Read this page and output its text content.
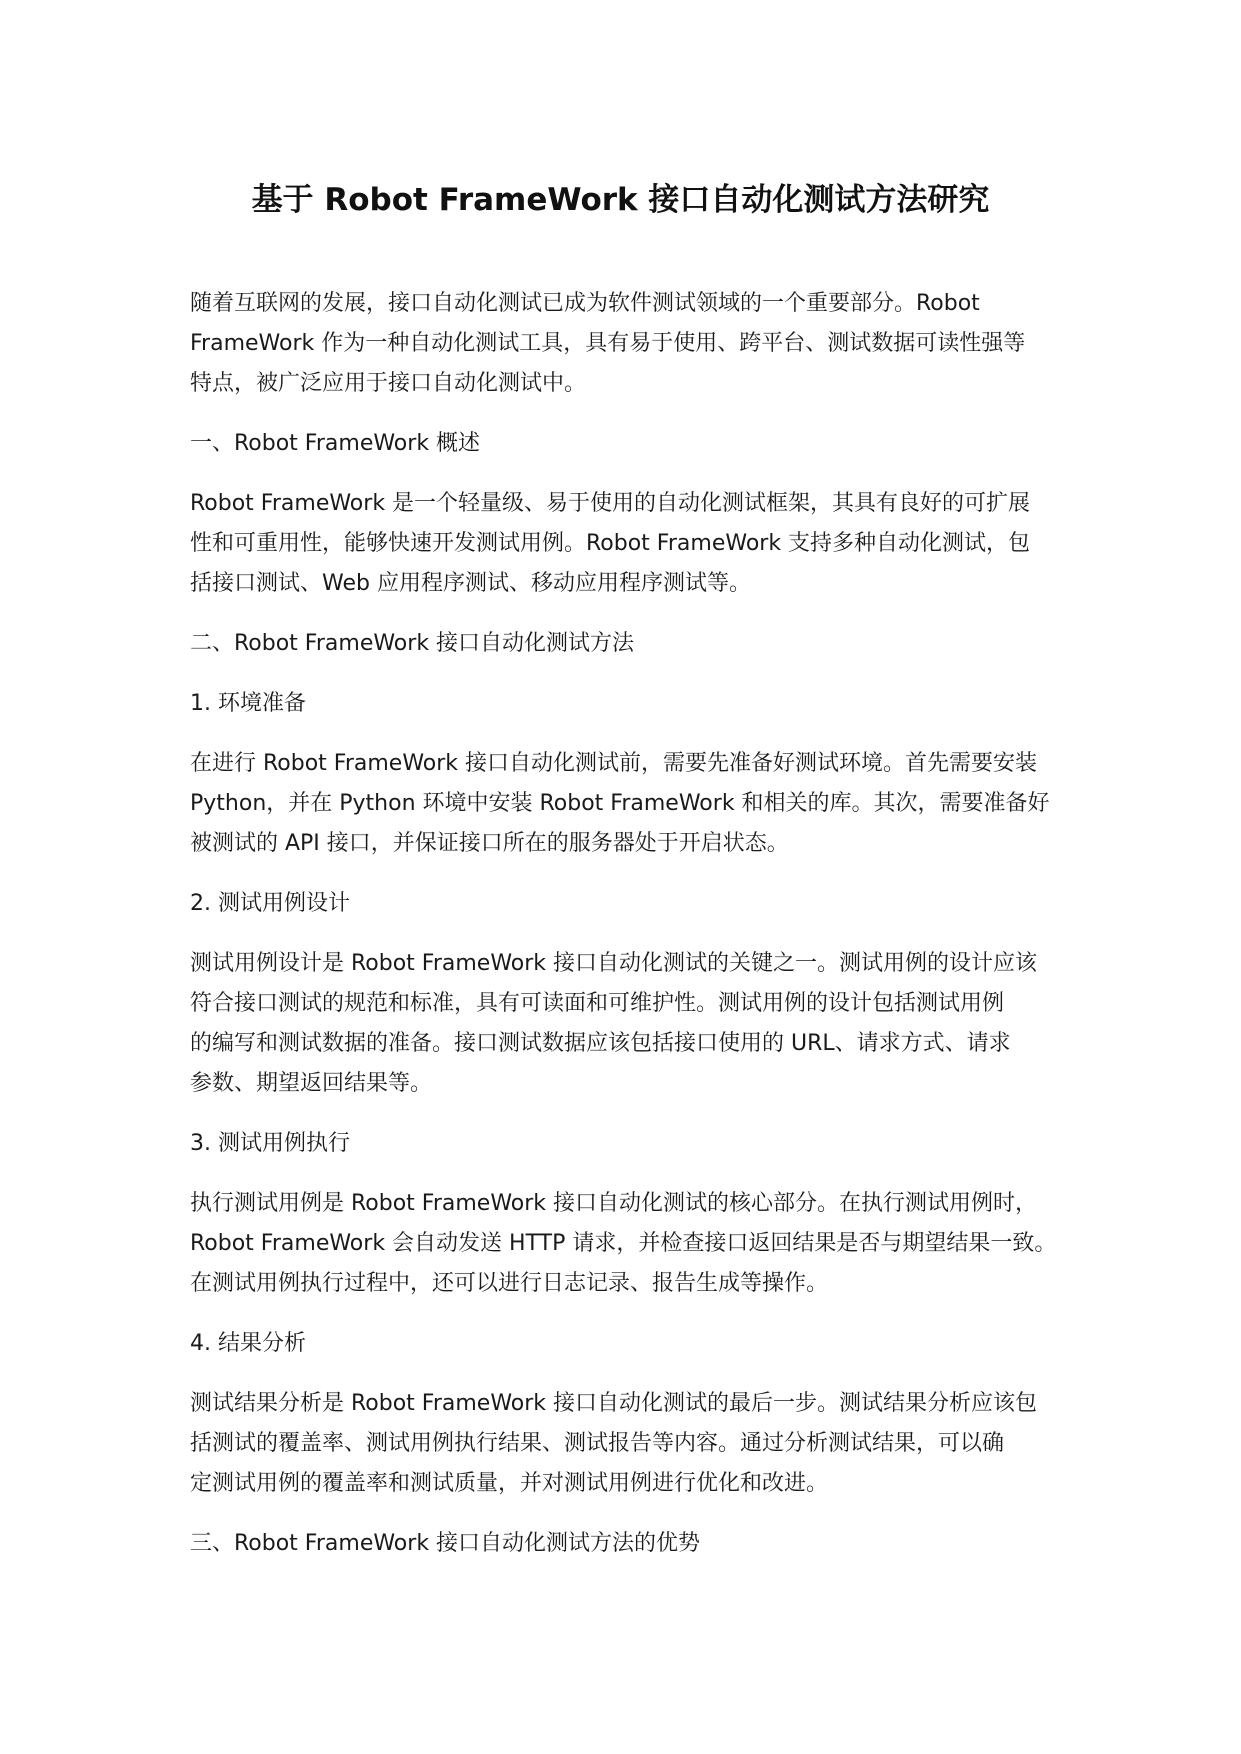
基于 Robot FrameWork 接口自动化测试方法研究

随着互联网的发展，接口自动化测试已成为软件测试领域的一个重要部分。Robot
FrameWork 作为一种自动化测试工具，具有易于使用、跨平台、测试数据可读性强等
特点，被广泛应用于接口自动化测试中。

一、Robot FrameWork 概述

Robot FrameWork 是一个轻量级、易于使用的自动化测试框架，其具有良好的可扩展
性和可重用性，能够快速开发测试用例。Robot FrameWork 支持多种自动化测试，包
括接口测试、Web 应用程序测试、移动应用程序测试等。

二、Robot FrameWork 接口自动化测试方法

1. 环境准备

在进行 Robot FrameWork 接口自动化测试前，需要先准备好测试环境。首先需要安装
Python，并在 Python 环境中安装 Robot FrameWork 和相关的库。其次，需要准备好
被测试的 API 接口，并保证接口所在的服务器处于开启状态。

2. 测试用例设计

测试用例设计是 Robot FrameWork 接口自动化测试的关键之一。测试用例的设计应该
符合接口测试的规范和标准，具有可读面和可维护性。测试用例的设计包括测试用例
的编写和测试数据的准备。接口测试数据应该包括接口使用的 URL、请求方式、请求
参数、期望返回结果等。

3. 测试用例执行

执行测试用例是 Robot FrameWork 接口自动化测试的核心部分。在执行测试用例时，
Robot FrameWork 会自动发送 HTTP 请求，并检查接口返回结果是否与期望结果一致。
在测试用例执行过程中，还可以进行日志记录、报告生成等操作。

4. 结果分析

测试结果分析是 Robot FrameWork 接口自动化测试的最后一步。测试结果分析应该包
括测试的覆盖率、测试用例执行结果、测试报告等内容。通过分析测试结果，可以确
定测试用例的覆盖率和测试质量，并对测试用例进行优化和改进。

三、Robot FrameWork 接口自动化测试方法的优势
